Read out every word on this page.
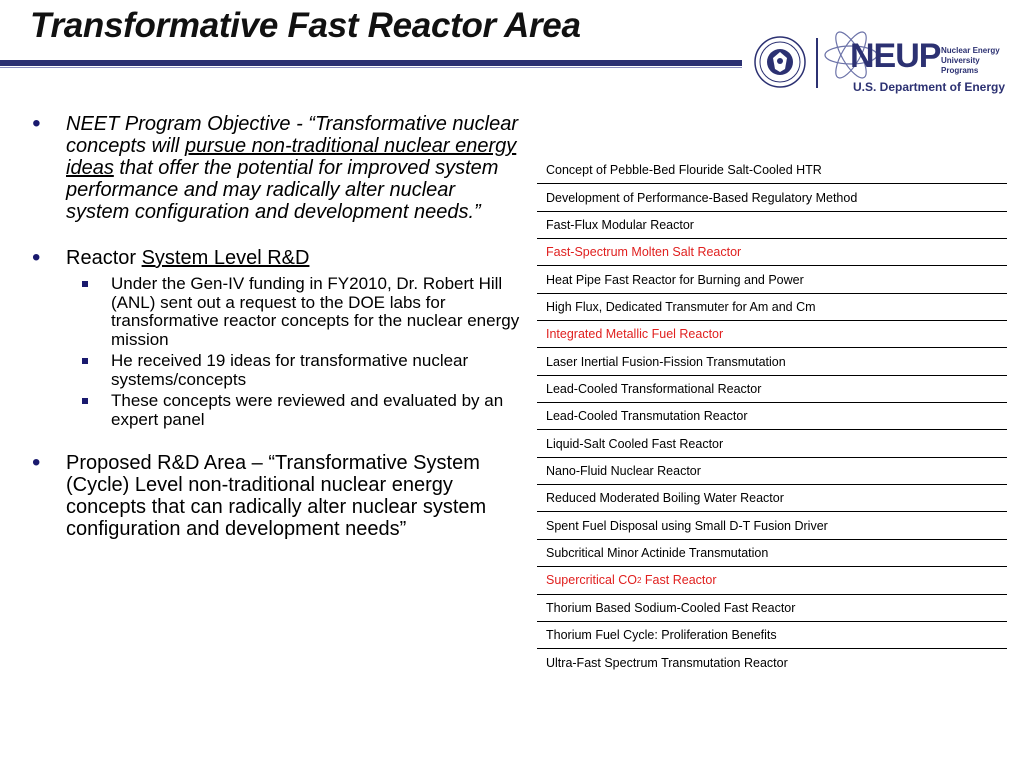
Transformative Fast Reactor Area
NEUP Nuclear Energy University Programs
U.S. Department of Energy
• NEET Program Objective - “Transformative nuclear concepts will pursue non-traditional nuclear energy ideas that offer the potential for improved system performance and may radically alter nuclear system configuration and development needs.”
• Reactor System Level R&D
Under the Gen-IV funding in FY2010, Dr. Robert Hill (ANL) sent out a request to the DOE labs for transformative reactor concepts for the nuclear energy mission
He received 19 ideas for transformative nuclear systems/concepts
These concepts were reviewed and evaluated by an expert panel
• Proposed R&D Area – “Transformative System (Cycle) Level non-traditional nuclear energy concepts that can radically alter nuclear system configuration and development needs”
Concept of Pebble-Bed Flouride Salt-Cooled HTR
Development of Performance-Based Regulatory Method
Fast-Flux Modular Reactor
Fast-Spectrum Molten Salt Reactor
Heat Pipe Fast Reactor for Burning and Power
High Flux, Dedicated Transmuter for Am and Cm
Integrated Metallic Fuel Reactor
Laser Inertial Fusion-Fission Transmutation
Lead-Cooled Transformational Reactor
Lead-Cooled Transmutation Reactor
Liquid-Salt Cooled Fast Reactor
Nano-Fluid Nuclear Reactor
Reduced Moderated Boiling Water Reactor
Spent Fuel Disposal using Small D-T Fusion Driver
Subcritical Minor Actinide Transmutation
Supercritical CO 2 Fast Reactor
Thorium Based Sodium-Cooled Fast Reactor
Thorium Fuel Cycle: Proliferation Benefits
Ultra-Fast Spectrum Transmutation Reactor
